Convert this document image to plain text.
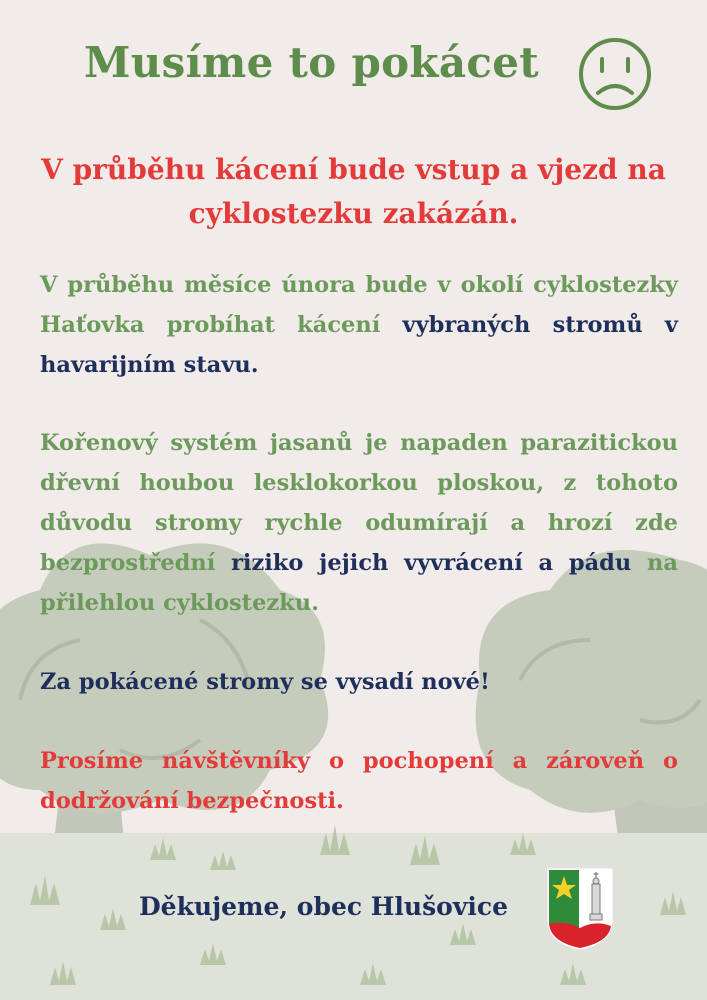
Musíme to pokácet
V průběhu kácení bude vstup a vjezd na
cyklostezku zakázán.
V průběhu měsíce února bude v okolí cyklostezky Haťovka probíhat kácení vybraných stromů v havarijním stavu.
Kořenový systém jasanů je napaden parazitickou dřevní houbou lesklokorkou ploskou, z tohoto důvodu stromy rychle odumírají a hrozí zde bezprostřední riziko jejich vyvrácení a pádu na přilehlou cyklostezku.
Za pokácené stromy se vysadí nové!
Prosíme návštěvníky o pochopení a zároveň o dodržování bezpečnosti.
Děkujeme, obec Hlušovice
